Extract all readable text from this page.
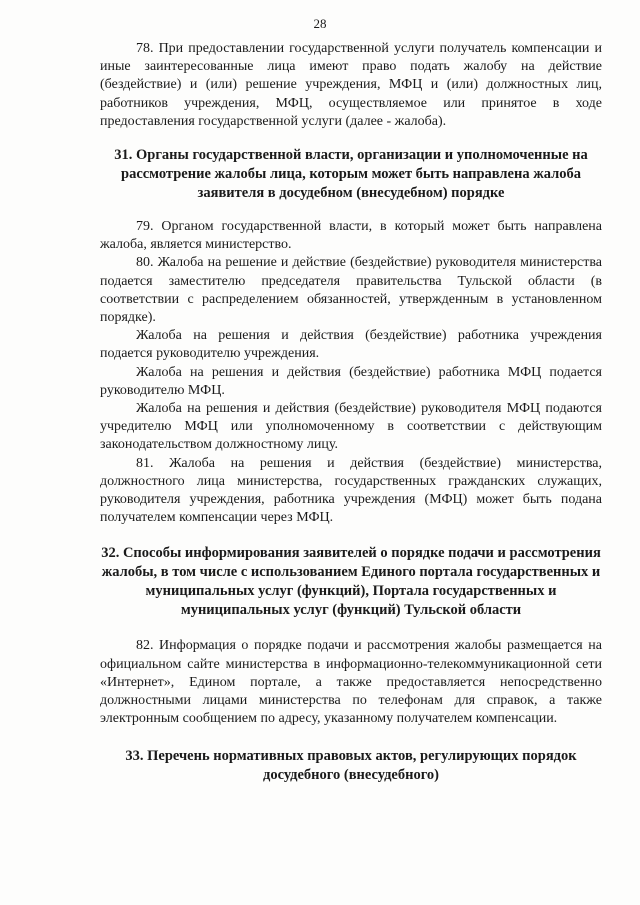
28

78. При предоставлении государственной услуги получатель компенсации и иные заинтересованные лица имеют право подать жалобу на действие (бездействие) и (или) решение учреждения, МФЦ и (или) должностных лиц, работников учреждения, МФЦ, осуществляемое или принятое в ходе предоставления государственной услуги (далее - жалоба).

31. Органы государственной власти, организации и уполномоченные на рассмотрение жалобы лица, которым может быть направлена жалоба заявителя в досудебном (внесудебном) порядке

79. Органом государственной власти, в который может быть направлена жалоба, является министерство.

80. Жалоба на решение и действие (бездействие) руководителя министерства подается заместителю председателя правительства Тульской области (в соответствии с распределением обязанностей, утвержденным в установленном порядке).

Жалоба на решения и действия (бездействие) работника учреждения подается руководителю учреждения.

Жалоба на решения и действия (бездействие) работника МФЦ подается руководителю МФЦ.

Жалоба на решения и действия (бездействие) руководителя МФЦ подаются учредителю МФЦ или уполномоченному в соответствии с действующим законодательством должностному лицу.

81. Жалоба на решения и действия (бездействие) министерства, должностного лица министерства, государственных гражданских служащих, руководителя учреждения, работника учреждения (МФЦ) может быть подана получателем компенсации через МФЦ.

32. Способы информирования заявителей о порядке подачи и рассмотрения жалобы, в том числе с использованием Единого портала государственных и муниципальных услуг (функций), Портала государственных и муниципальных услуг (функций) Тульской области

82. Информация о порядке подачи и рассмотрения жалобы размещается на официальном сайте министерства в информационно-телекоммуникационной сети «Интернет», Едином портале, а также предоставляется непосредственно должностными лицами министерства по телефонам для справок, а также электронным сообщением по адресу, указанному получателем компенсации.

33. Перечень нормативных правовых актов, регулирующих порядок досудебного (внесудебного)
